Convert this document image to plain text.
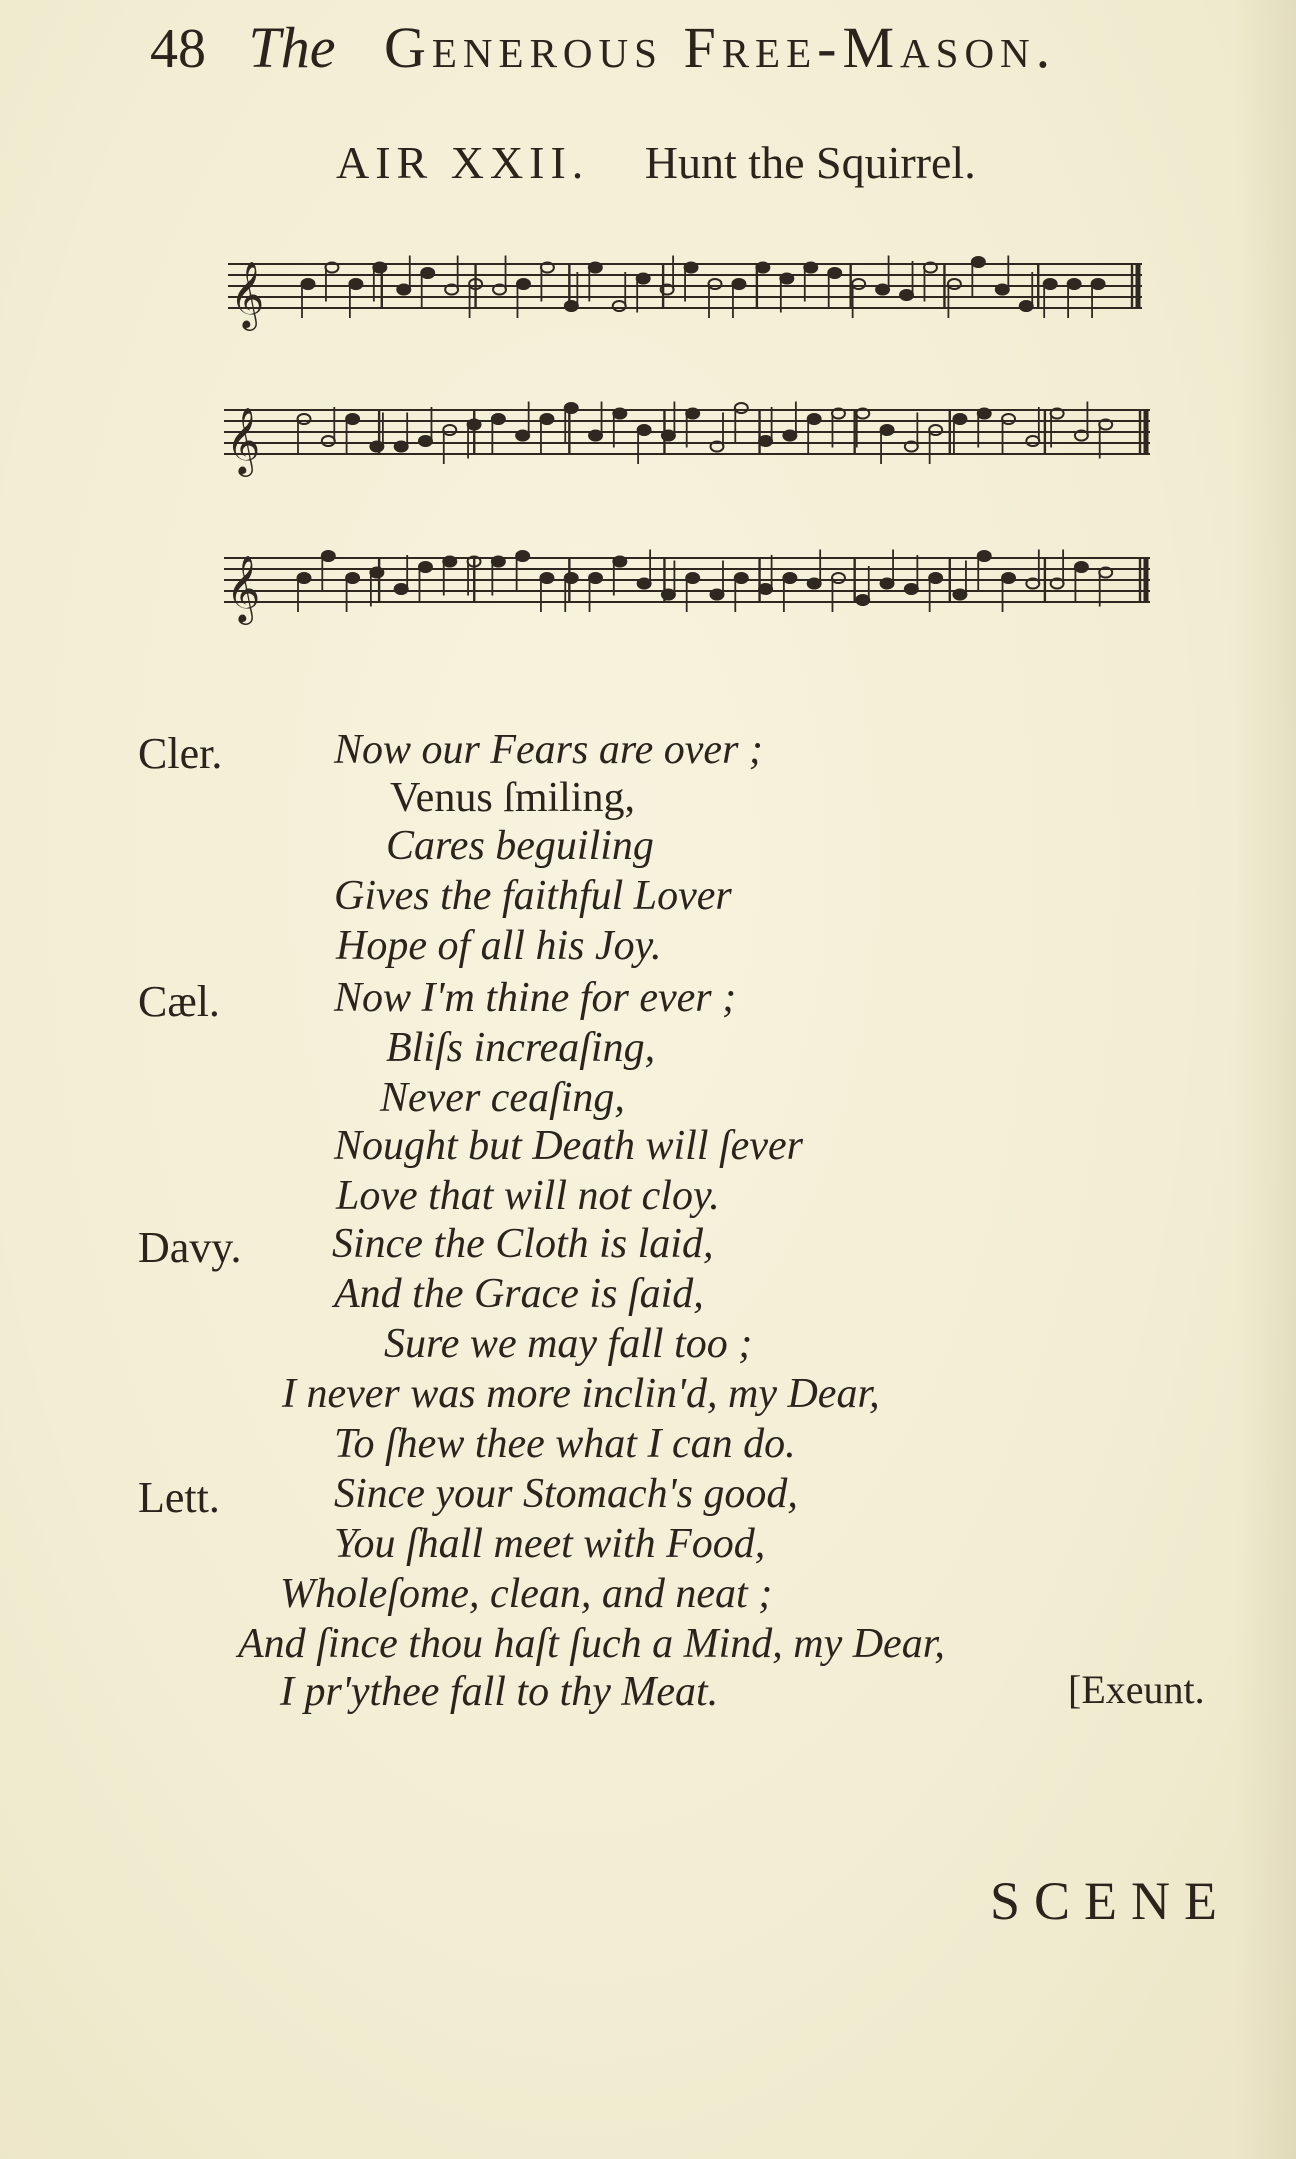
48 The Generous Free-Mason.
AIR XXII. Hunt the Squirrel.
𝄞
𝄞
𝄞
Cler.	Now our Fears are over ;
Venus ſmiling,
Cares beguiling
Gives the faithful Lover
Hope of all his Joy.
Cæl.	Now I'm thine for ever ;
Bliſs increaſing,
Never ceaſing,
Nought but Death will ſever
Love that will not cloy.
Davy. Since the Cloth is laid,
And the Grace is ſaid,
Sure we may fall too ;
I never was more inclin'd, my Dear,
To ſhew thee what I can do.
Lett.	Since your Stomach's good,
You ſhall meet with Food,
Wholeſome, clean, and neat ;
And ſince thou haſt ſuch a Mind, my Dear,
I pr'ythee fall to thy Meat.	[Exeunt.
SCENE
